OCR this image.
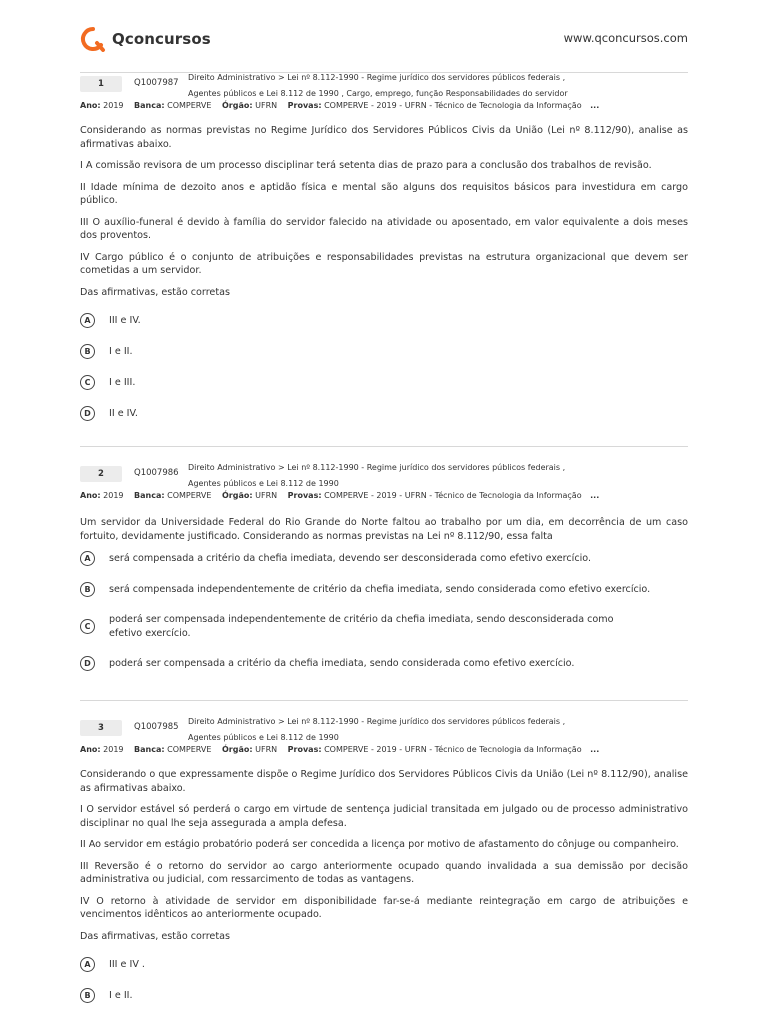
Qconcursos	www.qconcursos.com
1	Q1007987
Direito Administrativo > Lei nº 8.112-1990 - Regime jurídico dos servidores públicos federais ,
Agentes públicos e Lei 8.112 de 1990 , Cargo, emprego, função Responsabilidades do servidor
Ano: 2019 Banca: COMPERVE Órgão: UFRN Provas: COMPERVE - 2019 - UFRN - Técnico de Tecnologia da Informação ...

Considerando as normas previstas no Regime Jurídico dos Servidores Públicos Civis da União (Lei nº 8.112/90), analise as afirmativas abaixo.

I A comissão revisora de um processo disciplinar terá setenta dias de prazo para a conclusão dos trabalhos de revisão.

II Idade mínima de dezoito anos e aptidão física e mental são alguns dos requisitos básicos para investidura em cargo público.

III O auxílio-funeral é devido à família do servidor falecido na atividade ou aposentado, em valor equivalente a dois meses dos proventos.

IV Cargo público é o conjunto de atribuições e responsabilidades previstas na estrutura organizacional que devem ser cometidas a um servidor.

Das afirmativas, estão corretas

A	III e IV.
B	I e II.
C	I e III.
D	II e IV.
2	Q1007986
Direito Administrativo > Lei nº 8.112-1990 - Regime jurídico dos servidores públicos federais ,
Agentes públicos e Lei 8.112 de 1990
Ano: 2019 Banca: COMPERVE Órgão: UFRN Provas: COMPERVE - 2019 - UFRN - Técnico de Tecnologia da Informação ...

Um servidor da Universidade Federal do Rio Grande do Norte faltou ao trabalho por um dia, em decorrência de um caso fortuito, devidamente justificado. Considerando as normas previstas na Lei nº 8.112/90, essa falta

A	será compensada a critério da chefia imediata, devendo ser desconsiderada como efetivo exercício.
B	será compensada independentemente de critério da chefia imediata, sendo considerada como efetivo exercício.
C
poderá ser compensada independentemente de critério da chefia imediata, sendo desconsiderada como efetivo exercício.
D	poderá ser compensada a critério da chefia imediata, sendo considerada como efetivo exercício.
3	Q1007985
Direito Administrativo > Lei nº 8.112-1990 - Regime jurídico dos servidores públicos federais ,
Agentes públicos e Lei 8.112 de 1990
Ano: 2019 Banca: COMPERVE Órgão: UFRN Provas: COMPERVE - 2019 - UFRN - Técnico de Tecnologia da Informação ...

Considerando o que expressamente dispõe o Regime Jurídico dos Servidores Públicos Civis da União (Lei nº 8.112/90), analise as afirmativas abaixo.

I O servidor estável só perderá o cargo em virtude de sentença judicial transitada em julgado ou de processo administrativo disciplinar no qual lhe seja assegurada a ampla defesa.

II Ao servidor em estágio probatório poderá ser concedida a licença por motivo de afastamento do cônjuge ou companheiro.

III Reversão é o retorno do servidor ao cargo anteriormente ocupado quando invalidada a sua demissão por decisão administrativa ou judicial, com ressarcimento de todas as vantagens.

IV O retorno à atividade de servidor em disponibilidade far-se-á mediante reintegração em cargo de atribuições e vencimentos idênticos ao anteriormente ocupado.

Das afirmativas, estão corretas

A	III e IV .
B	I e II.
